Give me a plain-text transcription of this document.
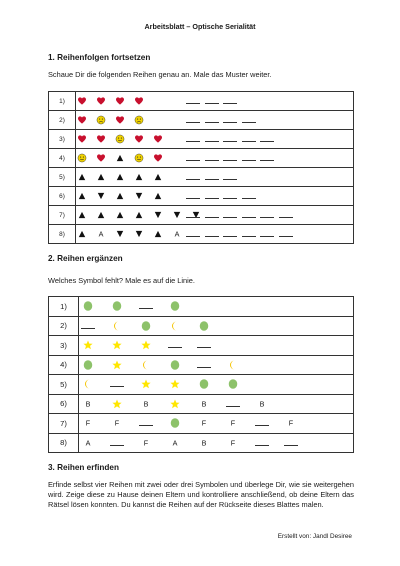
Arbeitsblatt – Optische Serialität
1. Reihenfolgen fortsetzen
Schaue Dir die folgenden Reihen genau an. Male das Muster weiter.
1)	

2)	

3)	

4)	

5)	

6)	

7)	

8)	A A
2. Reihen ergänzen
Welches Symbol fehlt? Male es auf die Linie.
1)	

2)	

3)	

4)	

5)	

6)	B B B B

7)	F F F F F

8)	A F A B F
3. Reihen erfinden
Erfinde selbst vier Reihen mit zwei oder drei Symbolen und überlege Dir, wie sie weitergehen wird. Zeige diese zu Hause deinen Eltern und kontrolliere anschließend, ob deine Eltern das Rätsel lösen konnten. Du kannst die Reihen auf der Rückseite dieses Blattes malen.
Erstellt von: Jandl Desiree
